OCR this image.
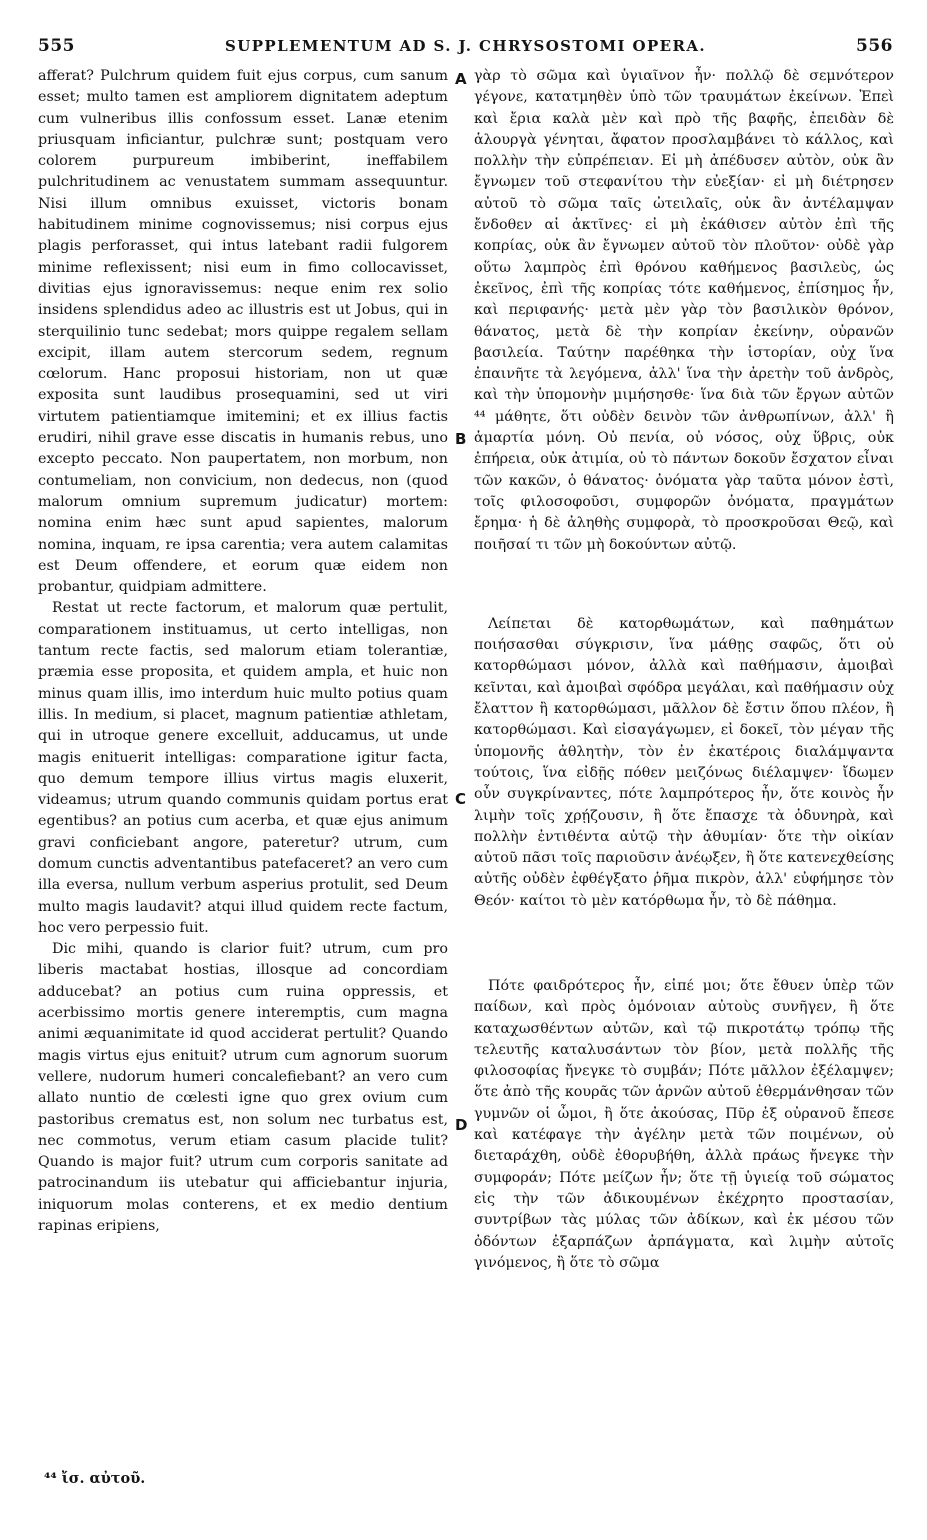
555	SUPPLEMENTUM AD S. J. CHRYSOSTOMI OPERA.	556

afferat? Pulchrum quidem fuit ejus corpus, cum sanum esset; multo tamen est ampliorem dignitatem adeptum cum vulneribus illis confossum esset. Lanæ etenim priusquam inficiantur, pulchræ sunt; postquam vero colorem purpureum imbiberint, ineffabilem pulchritudinem ac venustatem summam assequuntur. Nisi illum omnibus exuisset, victoris bonam habitudinem minime cognovissemus; nisi corpus ejus plagis perforasset, qui intus latebant radii fulgorem minime reflexissent; nisi eum in fimo collocavisset, divitias ejus ignoravissemus: neque enim rex solio insidens splendidus adeo ac illustris est ut Jobus, qui in sterquilinio tunc sedebat; mors quippe regalem sellam excipit, illam autem stercorum sedem, regnum cœlorum. Hanc proposui historiam, non ut quæ exposita sunt laudibus prosequamini, sed ut viri virtutem patientiamque imitemini; et ex illius factis erudiri, nihil grave esse discatis in humanis rebus, uno excepto peccato. Non paupertatem, non morbum, non contumeliam, non convicium, non dedecus, non (quod malorum omnium supremum judicatur) mortem: nomina enim hæc sunt apud sapientes, malorum nomina, inquam, re ipsa carentia; vera autem calamitas est Deum offendere, et eorum quæ eidem non probantur, quidpiam admittere.

Restat ut recte factorum, et malorum quæ pertulit, comparationem instituamus, ut certo intelligas, non tantum recte factis, sed malorum etiam tolerantiæ, præmia esse proposita, et quidem ampla, et huic non minus quam illis, imo interdum huic multo potius quam illis. In medium, si placet, magnum patientiæ athletam, qui in utroque genere excelluit, adducamus, ut unde magis enituerit intelligas: comparatione igitur facta, quo demum tempore illius virtus magis eluxerit, videamus; utrum quando communis quidam portus erat egentibus? an potius cum acerba, et quæ ejus animum gravi conficiebant angore, pateretur? utrum, cum domum cunctis adventantibus patefaceret? an vero cum illa eversa, nullum verbum asperius protulit, sed Deum multo magis laudavit? atqui illud quidem recte factum, hoc vero perpessio fuit.

Dic mihi, quando is clarior fuit? utrum, cum pro liberis mactabat hostias, illosque ad concordiam adducebat? an potius cum ruina oppressis, et acerbissimo mortis genere interemptis, cum magna animi æquanimitate id quod acciderat pertulit? Quando magis virtus ejus enituit? utrum cum agnorum suorum vellere, nudorum humeri concalefiebant? an vero cum allato nuntio de cœlesti igne quo grex ovium cum pastoribus crematus est, non solum nec turbatus est, nec commotus, verum etiam casum placide tulit? Quando is major fuit? utrum cum corporis sanitate ad patrocinandum iis utebatur qui afficiebantur injuria, iniquorum molas conterens, et ex medio dentium rapinas eripiens,

A
B
C
D

γὰρ τὸ σῶμα καὶ ὑγιαῖνον ἦν· πολλῷ δὲ σεμνότερον γέγονε, κατατμηθὲν ὑπὸ τῶν τραυμάτων ἐκείνων. Ἐπεὶ καὶ ἔρια καλὰ μὲν καὶ πρὸ τῆς βαφῆς, ἐπειδὰν δὲ ἁλουργὰ γένηται, ἄφατον προσλαμβάνει τὸ κάλλος, καὶ πολλὴν τὴν εὐπρέπειαν. Εἰ μὴ ἀπέδυσεν αὐτὸν, οὐκ ἂν ἔγνωμεν τοῦ στεφανίτου τὴν εὐεξίαν· εἰ μὴ διέτρησεν αὐτοῦ τὸ σῶμα ταῖς ὠτειλαῖς, οὐκ ἂν ἀντέλαμψαν ἔνδοθεν αἱ ἀκτῖνες· εἰ μὴ ἐκάθισεν αὐτὸν ἐπὶ τῆς κοπρίας, οὐκ ἂν ἔγνωμεν αὐτοῦ τὸν πλοῦτον· οὐδὲ γὰρ οὕτω λαμπρὸς ἐπὶ θρόνου καθήμενος βασιλεὺς, ὡς ἐκεῖνος, ἐπὶ τῆς κοπρίας τότε καθήμενος, ἐπίσημος ἦν, καὶ περιφανής· μετὰ μὲν γὰρ τὸν βασιλικὸν θρόνον, θάνατος, μετὰ δὲ τὴν κοπρίαν ἐκείνην, οὐρανῶν βασιλεία. Ταύτην παρέθηκα τὴν ἱστορίαν, οὐχ ἵνα ἐπαινῆτε τὰ λεγόμενα, ἀλλ' ἵνα τὴν ἀρετὴν τοῦ ἀνδρὸς, καὶ τὴν ὑπομονὴν μιμήσησθε· ἵνα διὰ τῶν ἔργων αὐτῶν ⁴⁴ μάθητε, ὅτι οὐδὲν δεινὸν τῶν ἀνθρωπίνων, ἀλλ' ἢ ἁμαρτία μόνη. Οὐ πενία, οὐ νόσος, οὐχ ὕβρις, οὐκ ἐπήρεια, οὐκ ἀτιμία, οὐ τὸ πάντων δοκοῦν ἔσχατον εἶναι τῶν κακῶν, ὁ θάνατος· ὀνόματα γὰρ ταῦτα μόνον ἐστὶ, τοῖς φιλοσοφοῦσι, συμφορῶν ὀνόματα, πραγμάτων ἔρημα· ἡ δὲ ἀληθὴς συμφορὰ, τὸ προσκροῦσαι Θεῷ, καὶ ποιῆσαί τι τῶν μὴ δοκούντων αὐτῷ.

Λείπεται δὲ κατορθωμάτων, καὶ παθημάτων ποιήσασθαι σύγκρισιν, ἵνα μάθῃς σαφῶς, ὅτι οὐ κατορθώμασι μόνον, ἀλλὰ καὶ παθήμασιν, ἀμοιβαὶ κεῖνται, καὶ ἀμοιβαὶ σφόδρα μεγάλαι, καὶ παθήμασιν οὐχ ἔλαττον ἢ κατορθώμασι, μᾶλλον δὲ ἔστιν ὅπου πλέον, ἢ κατορθώμασι. Καὶ εἰσαγάγωμεν, εἰ δοκεῖ, τὸν μέγαν τῆς ὑπομονῆς ἀθλητὴν, τὸν ἐν ἑκατέροις διαλάμψαντα τούτοις, ἵνα εἰδῇς πόθεν μειζόνως διέλαμψεν· ἴδωμεν οὖν συγκρίναντες, πότε λαμπρότερος ἦν, ὅτε κοινὸς ἦν λιμὴν τοῖς χρῄζουσιν, ἢ ὅτε ἔπασχε τὰ ὀδυνηρὰ, καὶ πολλὴν ἐντιθέντα αὐτῷ τὴν ἀθυμίαν· ὅτε τὴν οἰκίαν αὐτοῦ πᾶσι τοῖς παριοῦσιν ἀνέῳξεν, ἢ ὅτε κατενεχθείσης αὐτῆς οὐδὲν ἐφθέγξατο ῥῆμα πικρὸν, ἀλλ' εὐφήμησε τὸν Θεόν· καίτοι τὸ μὲν κατόρθωμα ἦν, τὸ δὲ πάθημα.

Πότε φαιδρότερος ἦν, εἰπέ μοι; ὅτε ἔθυεν ὑπὲρ τῶν παίδων, καὶ πρὸς ὁμόνοιαν αὐτοὺς συνῆγεν, ἢ ὅτε καταχωσθέντων αὐτῶν, καὶ τῷ πικροτάτῳ τρόπῳ τῆς τελευτῆς καταλυσάντων τὸν βίον, μετὰ πολλῆς τῆς φιλοσοφίας ἤνεγκε τὸ συμβάν; Πότε μᾶλλον ἐξέλαμψεν; ὅτε ἀπὸ τῆς κουρᾶς τῶν ἀρνῶν αὐτοῦ ἐθερμάνθησαν τῶν γυμνῶν οἱ ὦμοι, ἢ ὅτε ἀκούσας, Πῦρ ἐξ οὐρανοῦ ἔπεσε καὶ κατέφαγε τὴν ἀγέλην μετὰ τῶν ποιμένων, οὐ διεταράχθη, οὐδὲ ἐθορυβήθη, ἀλλὰ πράως ἤνεγκε τὴν συμφοράν; Πότε μείζων ἦν; ὅτε τῇ ὑγιείᾳ τοῦ σώματος εἰς τὴν τῶν ἀδικουμένων ἐκέχρητο προστασίαν, συντρίβων τὰς μύλας τῶν ἀδίκων, καὶ ἐκ μέσου τῶν ὀδόντων ἐξαρπάζων ἁρπάγματα, καὶ λιμὴν αὐτοῖς γινόμενος, ἢ ὅτε τὸ σῶμα

⁴⁴ ἴσ. αὐτοῦ.
